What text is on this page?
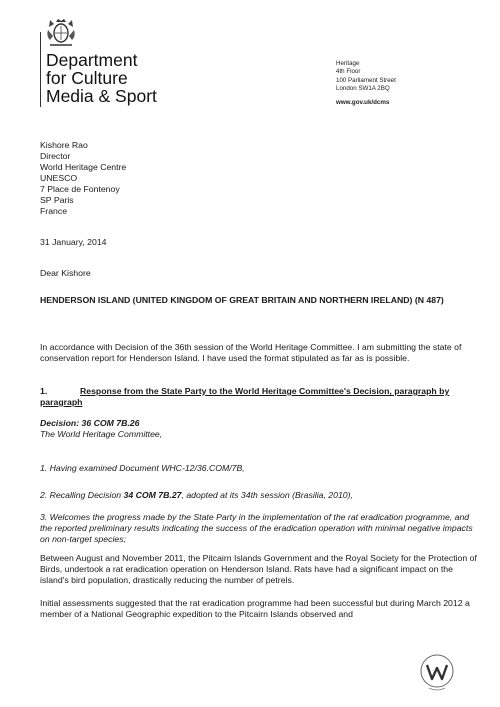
Department
for Culture
Media & Sport
Heritage
4th Floor
100 Parliament Street
London SW1A 2BQ
www.gov.uk/dcms
Kishore Rao
Director
World Heritage Centre
UNESCO
7 Place de Fontenoy
SP Paris
France
31 January, 2014
Dear Kishore
HENDERSON ISLAND (UNITED KINGDOM OF GREAT BRITAIN AND NORTHERN IRELAND) (N 487)
In accordance with Decision of the 36th session of the World Heritage Committee. I am submitting the state of conservation report for Henderson Island. I have used the format stipulated as far as is possible.
1.	Response from the State Party to the World Heritage Committee's Decision, paragraph by paragraph
Decision: 36 COM 7B.26
The World Heritage Committee,
1. Having examined Document WHC-12/36.COM/7B,
2. Recalling Decision 34 COM 7B.27, adopted at its 34th session (Brasilia, 2010),
3. Welcomes the progress made by the State Party in the implementation of the rat eradication programme, and the reported preliminary results indicating the success of the eradication operation with minimal negative impacts on non-target species;
Between August and November 2011, the Pitcairn Islands Government and the Royal Society for the Protection of Birds, undertook a rat eradication operation on Henderson Island. Rats have had a significant impact on the island's bird population, drastically reducing the number of petrels.
Initial assessments suggested that the rat eradication programme had been successful but during March 2012 a member of a National Geographic expedition to the Pitcairn Islands observed and
